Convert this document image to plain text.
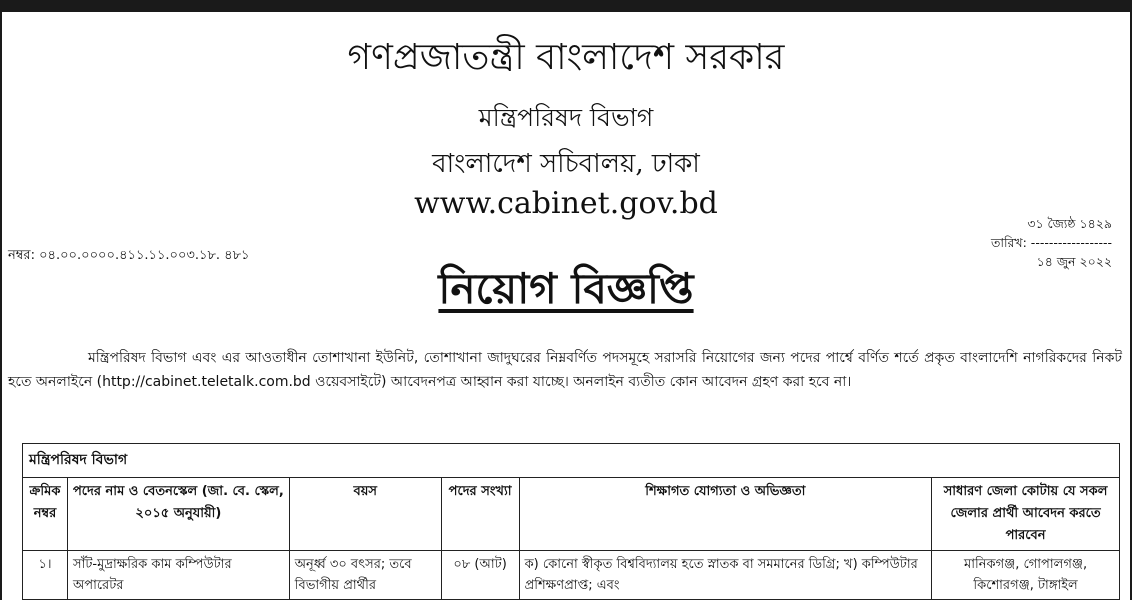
গণপ্রজাতন্ত্রী বাংলাদেশ সরকার
মন্ত্রিপরিষদ বিভাগ
বাংলাদেশ সচিবালয়, ঢাকা
www.cabinet.gov.bd
৩১ জ্যৈষ্ঠ ১৪২৯
তারিখ: ------------------
১৪ জুন ২০২২
নম্বর: ০৪.০০.০০০০.৪১১.১১.০০৩.১৮. ৪৮১
নিয়োগ বিজ্ঞপ্তি
মন্ত্রিপরিষদ বিভাগ এবং এর আওতাধীন তোশাখানা ইউনিট, তোশাখানা জাদুঘরের নিম্নবর্ণিত পদসমূহে সরাসরি নিয়োগের জন্য পদের পার্শ্বে বর্ণিত শর্তে প্রকৃত বাংলাদেশি নাগরিকদের নিকট হতে অনলাইনে (http://cabinet.teletalk.com.bd ওয়েবসাইটে) আবেদনপত্র আহ্বান করা যাচ্ছে। অনলাইন ব্যতীত কোন আবেদন গ্রহণ করা হবে না।
মন্ত্রিপরিষদ বিভাগ					
ক্রমিক নম্বর	পদের নাম ও বেতনস্কেল (জা. বে. স্কেল, ২০১৫ অনুযায়ী)	বয়স	পদের সংখ্যা	শিক্ষাগত যোগ্যতা ও অভিজ্ঞতা	সাধারণ জেলা কোটায় যে সকল জেলার প্রার্থী আবেদন করতে পারবেন
১।	সাঁট-মুদ্রাক্ষরিক কাম কম্পিউটার অপারেটর	অনূর্ধ্ব ৩০ বৎসর; তবে বিভাগীয় প্রার্থীর	০৮ (আট)	ক) কোনো স্বীকৃত বিশ্ববিদ্যালয় হতে স্নাতক বা সমমানের ডিগ্রি; খ) কম্পিউটার প্রশিক্ষণপ্রাপ্ত; এবং	মানিকগঞ্জ, গোপালগঞ্জ, কিশোরগঞ্জ, টাঙ্গাইল
